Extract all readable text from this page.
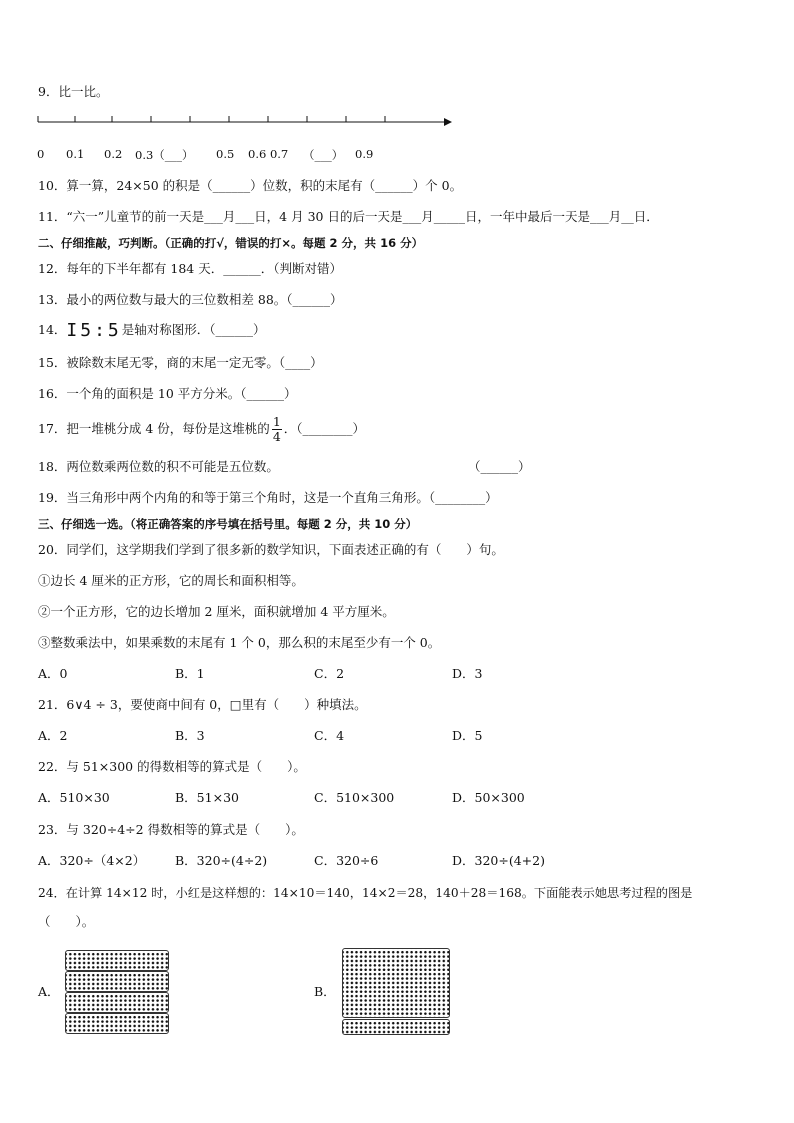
9．比一比。
0 0.1 0.2 0.3（___） 0.5 0.6 0.7 （___） 0.9
10．算一算，24×50 的积是（______）位数，积的末尾有（______）个 0。
11．“六一”儿童节的前一天是___月___日，4 月 30 日的后一天是___月_____日，一年中最后一天是___月__日．
二、仔细推敲，巧判断。（正确的打√，错误的打×。每题 2 分，共 16 分）
12．每年的下半年都有 184 天．______．（判断对错）
13．最小的两位数与最大的三位数相差 88。（______）
14．I5:5是轴对称图形．（______）
15．被除数末尾无零，商的末尾一定无零。（____）
16．一个角的面积是 10 平方分米。（______）
17．把一堆桃分成 4 份，每份是这堆桃的 $\frac{1}{4}$ ．（________）
18．两位数乘两位数的积不可能是五位数。	（______）
19．当三角形中两个内角的和等于第三个角时，这是一个直角三角形。（________）
三、仔细选一选。（将正确答案的序号填在括号里。每题 2 分，共 10 分）
20．同学们，这学期我们学到了很多新的数学知识，下面表述正确的有（　　）句。
①边长 4 厘米的正方形，它的周长和面积相等。
②一个正方形，它的边长增加 2 厘米，面积就增加 4 平方厘米。
③整数乘法中，如果乘数的末尾有 1 个 0，那么积的末尾至少有一个 0。
A．0	B．1	C．2	D．3
21．6∨4 ÷ 3，要使商中间有 0，□里有（　　）种填法。
A．2	B．3	C．4	D．5
22．与 51×300 的得数相等的算式是（　　）。
A．510×30	B．51×30	C．510×300	D．50×300
23．与 320÷4÷2 得数相等的算式是（　　）。
A．320÷（4×2） B．320÷(4÷2)	C．320÷6	D．320÷(4+2)
24．在计算 14×12 时，小红是这样想的：14×10＝140，14×2＝28，140＋28＝168。下面能表示她思考过程的图是
（　　）。
A．	B．
